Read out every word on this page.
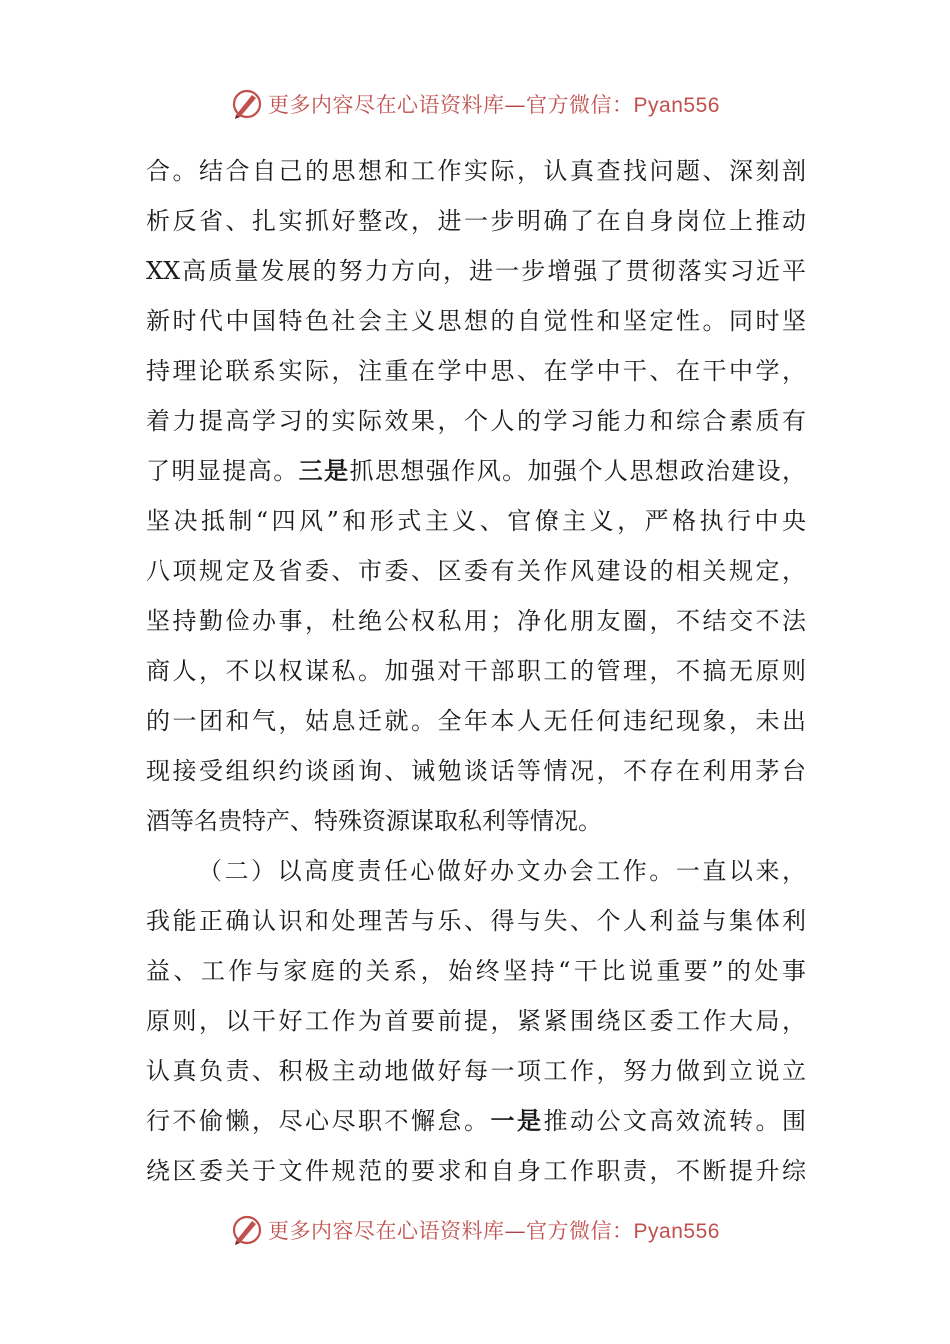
更多内容尽在心语资料库—官方微信：Pyan556
合。结合自己的思想和工作实际，认真查找问题、深刻剖
析反省、扎实抓好整改，进一步明确了在自身岗位上推动
XX高质量发展的努力方向，进一步增强了贯彻落实习近平
新时代中国特色社会主义思想的自觉性和坚定性。同时坚
持理论联系实际，注重在学中思、在学中干、在干中学，
着力提高学习的实际效果，个人的学习能力和综合素质有
了明显提高。三是抓思想强作风。加强个人思想政治建设，
坚决抵制“四风”和形式主义、官僚主义，严格执行中央
八项规定及省委、市委、区委有关作风建设的相关规定，
坚持勤俭办事，杜绝公权私用；净化朋友圈，不结交不法
商人，不以权谋私。加强对干部职工的管理，不搞无原则
的一团和气，姑息迁就。全年本人无任何违纪现象，未出
现接受组织约谈函询、诫勉谈话等情况，不存在利用茅台
酒等名贵特产、特殊资源谋取私利等情况。
（二）以高度责任心做好办文办会工作。一直以来，
我能正确认识和处理苦与乐、得与失、个人利益与集体利
益、工作与家庭的关系，始终坚持“干比说重要”的处事
原则，以干好工作为首要前提，紧紧围绕区委工作大局，
认真负责、积极主动地做好每一项工作，努力做到立说立
行不偷懒，尽心尽职不懈怠。一是推动公文高效流转。围
绕区委关于文件规范的要求和自身工作职责，不断提升综
更多内容尽在心语资料库—官方微信：Pyan556
